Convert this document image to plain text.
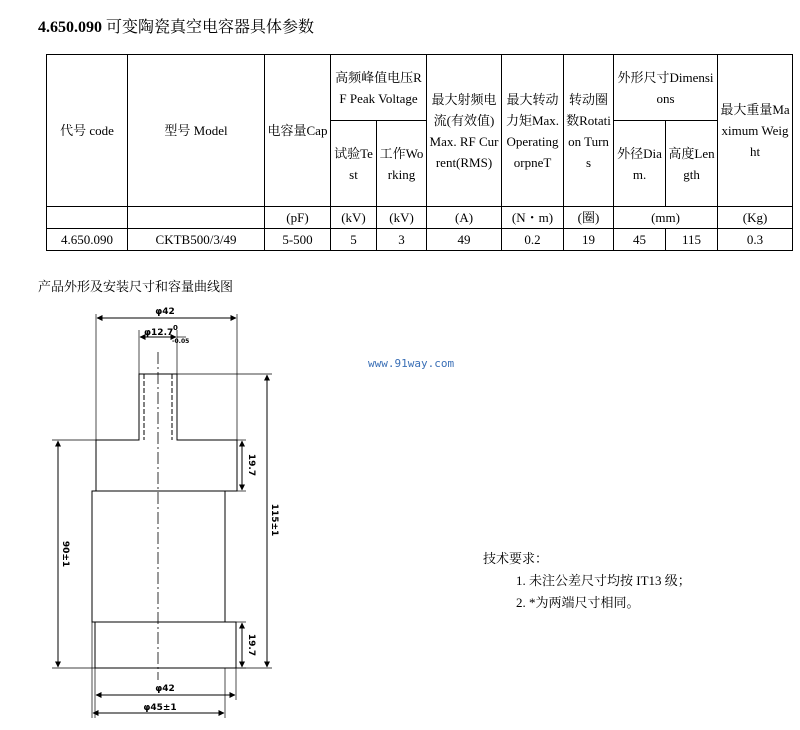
4.650.090 可变陶瓷真空电容器具体参数
代号 code	型号 Model	电容量Cap	高频峰值电压RF Peak Voltage		最大射频电流(有效值)Max. RF Current(RMS)	最大转动力矩Max. Operating orpneT	转动圈数Rotation Turns	外形尺寸Dimensions		最大重量Maximum Weight
			试验Test	工作Working				外径Diam.	高度Length	
		(pF)	(kV)	(kV)	(A)	(N・m)	(圈)	(mm)		(Kg)
4.650.090	CKTB500/3/49	5-500	5	3	49	0.2	19	45	115	0.3
产品外形及安装尺寸和容量曲线图
www.91way.com
φ42
φ12.7 0
-0.05
19.7
19.7
90±1
115±1
φ42
φ45±1
技术要求：
1. 未注公差尺寸均按 IT13 级；
2. *为两端尺寸相同。
